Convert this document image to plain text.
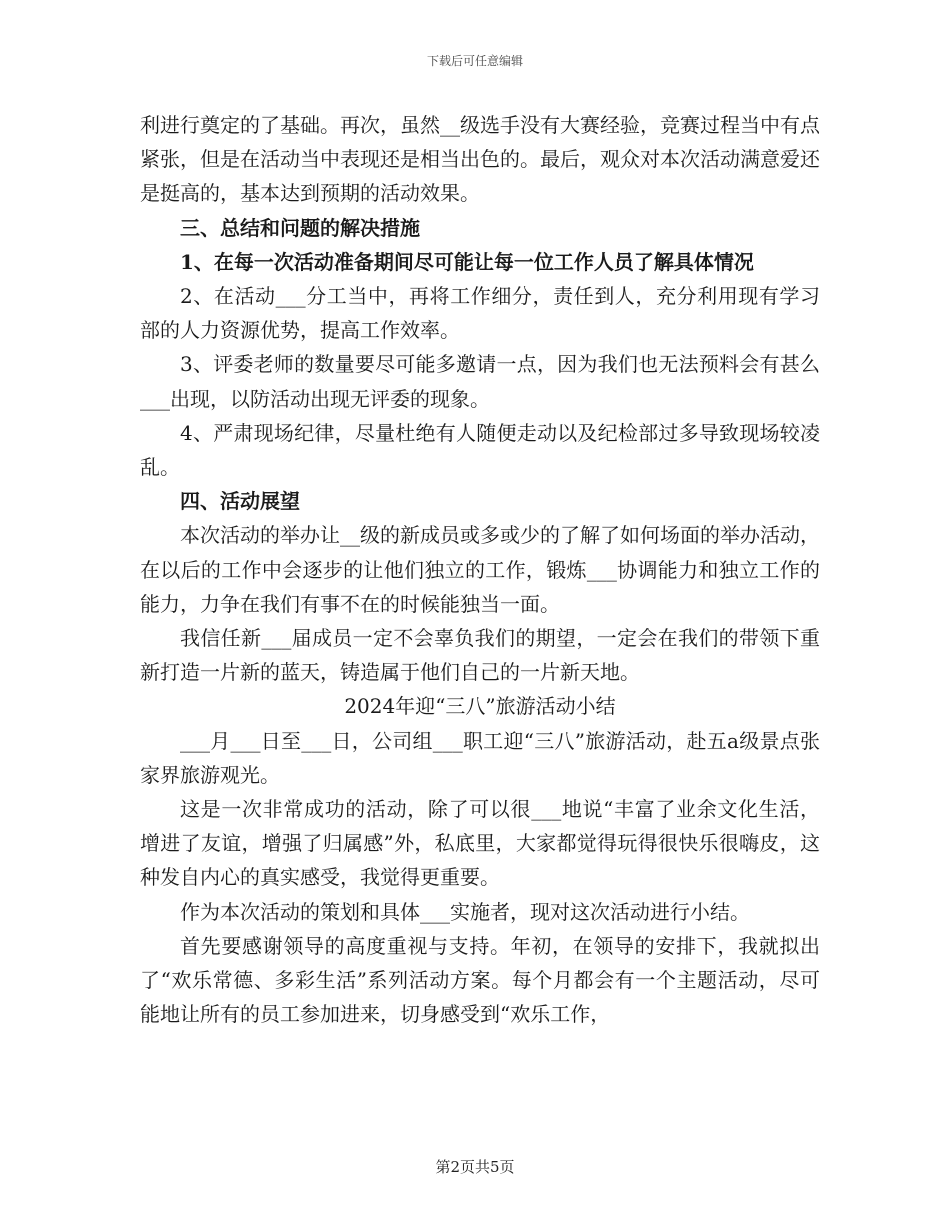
下载后可任意编辑

利进行奠定的了基础。再次，虽然__级选手没有大赛经验，竞赛过程当中有点紧张，但是在活动当中表现还是相当出色的。最后，观众对本次活动满意爱还是挺高的，基本达到预期的活动效果。

三、总结和问题的解决措施

1、在每一次活动准备期间尽可能让每一位工作人员了解具体情况

2、在活动___分工当中，再将工作细分，责任到人，充分利用现有学习部的人力资源优势，提高工作效率。

3、评委老师的数量要尽可能多邀请一点，因为我们也无法预料会有甚么___出现，以防活动出现无评委的现象。

4、严肃现场纪律，尽量杜绝有人随便走动以及纪检部过多导致现场较凌乱。

四、活动展望

本次活动的举办让__级的新成员或多或少的了解了如何场面的举办活动，在以后的工作中会逐步的让他们独立的工作，锻炼___协调能力和独立工作的能力，力争在我们有事不在的时候能独当一面。

我信任新___届成员一定不会辜负我们的期望，一定会在我们的带领下重新打造一片新的蓝天，铸造属于他们自己的一片新天地。

2024年迎“三八”旅游活动小结

___月___日至___日，公司组___职工迎“三八”旅游活动，赴五a级景点张家界旅游观光。

这是一次非常成功的活动，除了可以很___地说“丰富了业余文化生活，增进了友谊，增强了归属感”外，私底里，大家都觉得玩得很快乐很嗨皮，这种发自内心的真实感受，我觉得更重要。

作为本次活动的策划和具体___实施者，现对这次活动进行小结。

首先要感谢领导的高度重视与支持。年初，在领导的安排下，我就拟出了“欢乐常德、多彩生活”系列活动方案。每个月都会有一个主题活动，尽可能地让所有的员工参加进来，切身感受到“欢乐工作，

第2页共5页
